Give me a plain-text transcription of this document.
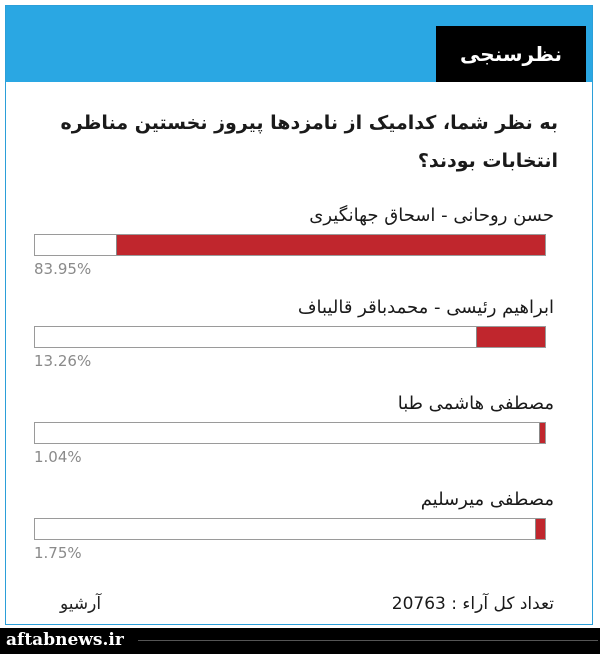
نظرسنجی
به نظر شما، کدامیک از نامزدها پیروز نخستین مناظره انتخابات بودند؟
حسن روحانی - اسحاق جهانگیری
83.95%
ابراهیم رئیسی - محمدباقر قالیباف
13.26%
مصطفی هاشمی طبا
1.04%
مصطفی میرسلیم
1.75%
تعداد کل آراء : 20763
آرشیو
aftabnews.ir
